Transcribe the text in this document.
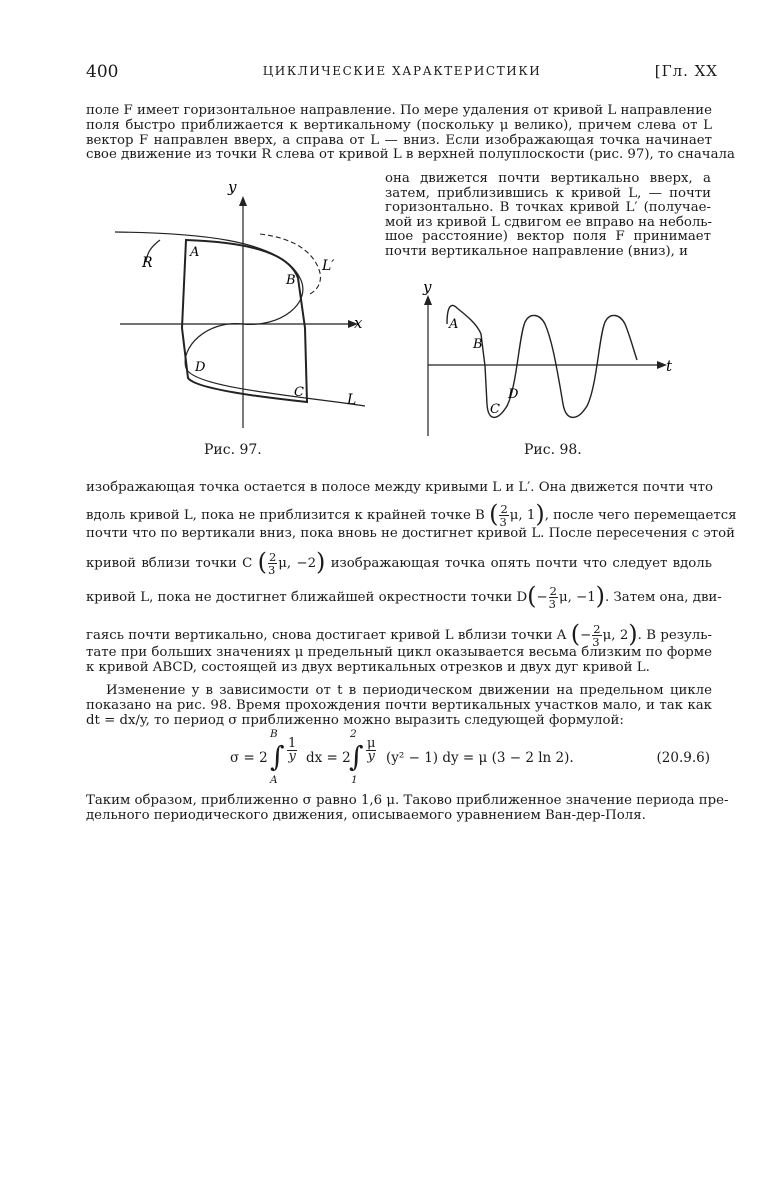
400	ЦИКЛИЧЕСКИЕ ХАРАКТЕРИСТИКИ	[Гл. XX
поле F имеет горизонтальное направление. По мере удаления от кривой L направление
поля быстро приближается к вертикальному (поскольку μ велико), причем слева от L
вектор F направлен вверх, а справа от L — вниз. Если изображающая точка начинает
свое движение из точки R слева от кривой L в верхней полуплоскости (рис. 97), то сначала
она движется почти вертикально вверх, а
затем, приблизившись к кривой L, — почти
горизонтально. В точках кривой L′ (получае-
мой из кривой L сдвигом ее вправо на неболь-
шое расстояние) вектор поля F принимает
почти вертикальное направление (вниз), и
y
x
R
A
B
C
D
L
L′
Рис. 97.
y
t
A
B
C
D
Рис. 98.
изображающая точка остается в полосе между кривыми L и L′. Она движется почти что
вдоль кривой L, пока не приблизится к крайней точке B ( $\frac{2}{3} \mu$, 1), после чего перемещается
почти что по вертикали вниз, пока вновь не достигнет кривой L. После пересечения с этой
кривой вблизи точки C ( $\frac{2}{3} \mu$, −2) изображающая точка опять почти что следует вдоль
кривой L, пока не достигнет ближайшей окрестности точки $D(- \frac{2}{3} \mu$, −1). Затем она, дви-
гаясь почти вертикально, снова достигает кривой L вблизи точки A (− $\frac{2}{3} \mu$, 2). В резуль-
тате при больших значениях μ предельный цикл оказывается весьма близким по форме
к кривой ABCD, состоящей из двух вертикальных отрезков и двух дуг кривой L.
Изменение y в зависимости от t в периодическом движении на предельном цикле
показано на рис. 98. Время прохождения почти вертикальных участков мало, и так как
dt = dx/y, то период σ приближенно можно выразить следующей формулой:
σ = 2
B
∫
A
$\frac{1}{y}$ dx = 2
2
∫
1
$\frac{\mu}{y} (y^2 - 1)$ dy = μ (3 − 2 ln 2).	(20.9.6)
Таким образом, приближенно σ равно 1,6 μ. Таково приближенное значение периода пре-
дельного периодического движения, описываемого уравнением Ван-дер-Поля.
